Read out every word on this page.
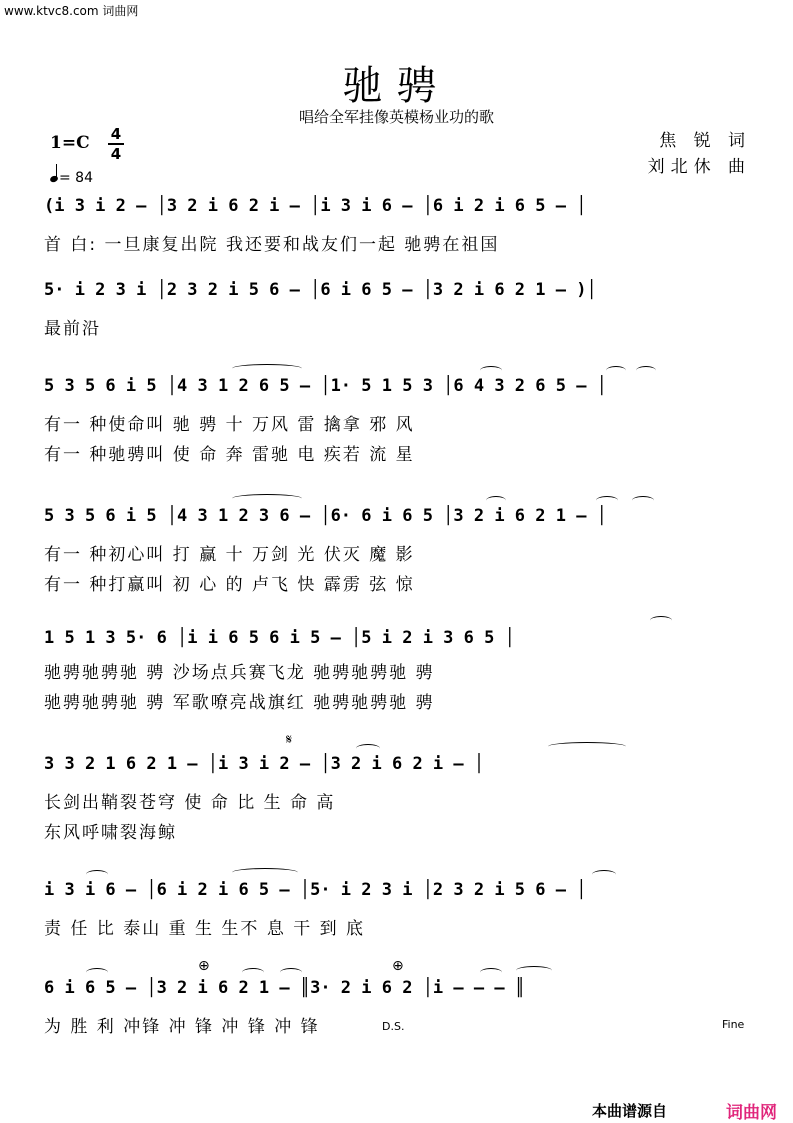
www.ktvc8.com 词曲网
驰骋
唱给全军挂像英模杨业功的歌
1=C 4
4
= 84
焦 锐 词
刘北休 曲
(i 3 i 2 — │3 2 i 6 2 i — │i 3 i 6 — │6 i 2 i 6 5 — │
首 白: 一旦康复出院 我还要和战友们一起 驰骋在祖国
5· i 2 3 i │2 3 2 i 5 6 — │6 i 6 5 — │3 2 i 6 2 1 — )│
最前沿
5 3 5 6 i 5 │4 3 1 2 6 5 — │1· 5 1 5 3 │6 4 3 2 6 5 — │
有一 种使命叫 驰 骋 十 万风 雷 擒拿 邪 风
有一 种驰骋叫 使 命 奔 雷驰 电 疾若 流 星
5 3 5 6 i 5 │4 3 1 2 3 6 — │6· 6 i 6 5 │3 2 i 6 2 1 — │
有一 种初心叫 打 赢 十 万剑 光 伏灭 魔 影
有一 种打赢叫 初 心 的 卢飞 快 霹雳 弦 惊
1 5 1 3 5· 6 │i i 6 5 6 i 5 — │5 i 2 i 3 6 5 │
驰骋驰骋驰 骋 沙场点兵赛飞龙 驰骋驰骋驰 骋
驰骋驰骋驰 骋 军歌嘹亮战旗红 驰骋驰骋驰 骋
𝄋
3 3 2 1 6 2 1 — │i 3 i 2 — │3 2 i 6 2 i — │
长剑出鞘裂苍穹 使 命 比 生 命 高
东风呼啸裂海鲸
i 3 i 6 — │6 i 2 i 6 5 — │5· i 2 3 i │2 3 2 i 5 6 — │
责 任 比 泰山 重 生 生不 息 干 到 底
⊕	⊕
6 i 6 5 — │3 2 i 6 2 1 — ║3· 2 i 6 2 │i — — — ║
为 胜 利 冲锋 冲 锋 冲 锋 冲 锋	D.S.	Fine
本曲谱源自	词曲网
